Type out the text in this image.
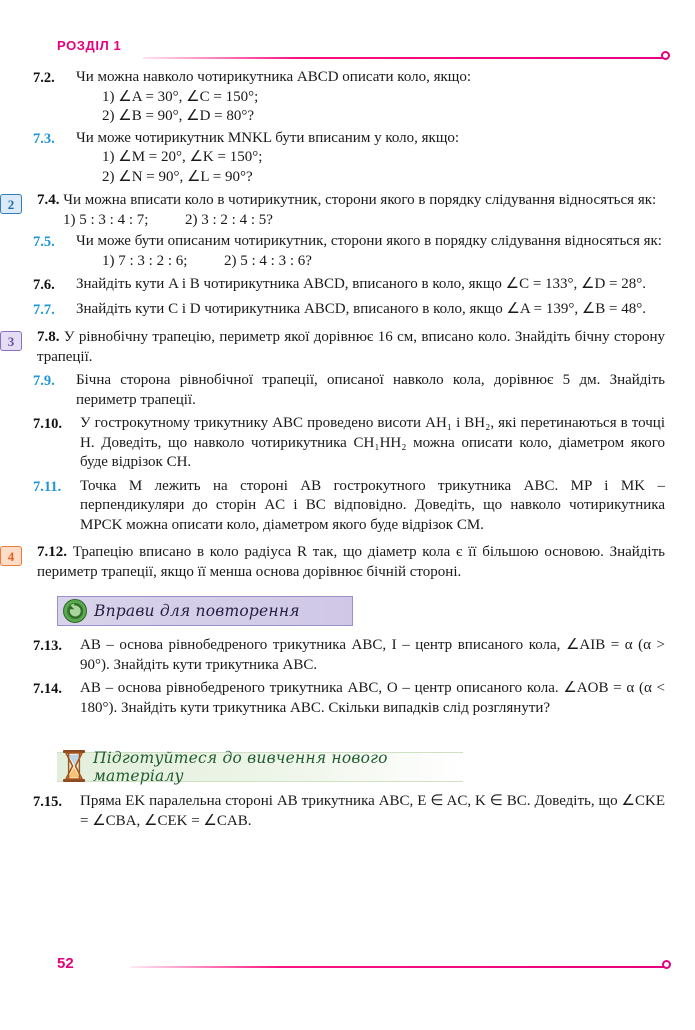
РОЗДІЛ 1
7.2.	Чи можна навколо чотирикутника ABCD описати коло, якщо:
1) ∠A = 30°, ∠C = 150°;
2) ∠B = 90°, ∠D = 80°?
7.3.	Чи може чотирикутник MNKL бути вписаним у коло, якщо:
1) ∠M = 20°, ∠K = 150°;
2) ∠N = 90°, ∠L = 90°?
2	7.4. Чи можна вписати коло в чотирикутник, сторони якого в порядку слідування відносяться як:
1) 5 : 3 : 4 : 7; 2) 3 : 2 : 4 : 5?
7.5.	Чи може бути описаним чотирикутник, сторони якого в порядку слідування відносяться як:
1) 7 : 3 : 2 : 6; 2) 5 : 4 : 3 : 6?
7.6.	Знайдіть кути A і B чотирикутника ABCD, вписаного в коло, якщо ∠C = 133°, ∠D = 28°.
7.7.	Знайдіть кути C і D чотирикутника ABCD, вписаного в коло, якщо ∠A = 139°, ∠B = 48°.
3	7.8. У рівнобічну трапецію, периметр якої дорівнює 16 см, вписано коло. Знайдіть бічну сторону трапеції.
7.9.	Бічна сторона рівнобічної трапеції, описаної навколо кола, дорівнює 5 дм. Знайдіть периметр трапеції.
7.10.	У гострокутному трикутнику ABC проведено висоти AH₁ і BH₂, які перетинаються в точці H. Доведіть, що навколо чотирикутника CH₁HH₂ можна описати коло, діаметром якого буде відрізок CH.
7.11.	Точка M лежить на стороні AB гострокутного трикутника ABC. MP і MK – перпендикуляри до сторін AC і BC відповідно. Доведіть, що навколо чотирикутника MPCK можна описати коло, діаметром якого буде відрізок CM.
4	7.12. Трапецію вписано в коло радіуса R так, що діаметр кола є її більшою основою. Знайдіть периметр трапеції, якщо її менша основа дорівнює бічній стороні.
Вправи для повторення
7.13.	AB – основа рівнобедреного трикутника ABC, I – центр вписаного кола, ∠AIB = α (α > 90°). Знайдіть кути трикутника ABC.
7.14.	AB – основа рівнобедреного трикутника ABC, O – центр описаного кола. ∠AOB = α (α < 180°). Знайдіть кути трикутника ABC. Скільки випадків слід розглянути?
Підготуйтеся до вивчення нового матеріалу
7.15.	Пряма EK паралельна стороні AB трикутника ABC, E ∈ AC, K ∈ BC. Доведіть, що ∠CKE = ∠CBA, ∠CEK = ∠CAB.
52
